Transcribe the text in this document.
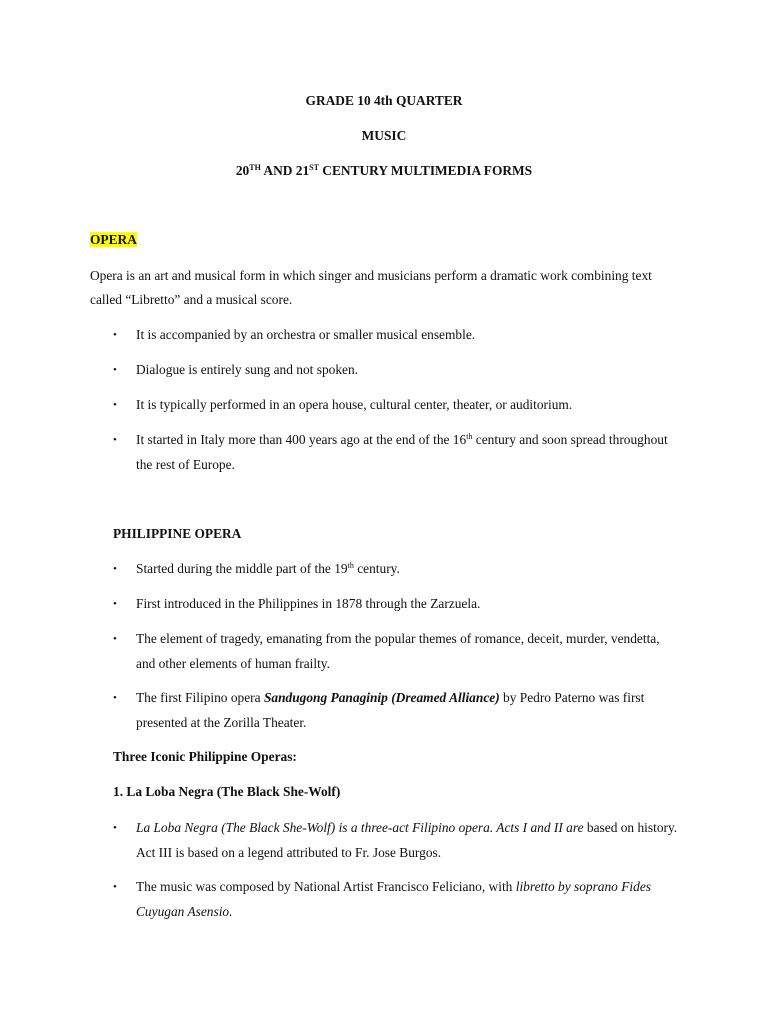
GRADE 10 4th QUARTER
MUSIC
20TH AND 21ST CENTURY MULTIMEDIA FORMS
OPERA
Opera is an art and musical form in which singer and musicians perform a dramatic work combining text called “Libretto” and a musical score.
• It is accompanied by an orchestra or smaller musical ensemble.
• Dialogue is entirely sung and not spoken.
• It is typically performed in an opera house, cultural center, theater, or auditorium.
• It started in Italy more than 400 years ago at the end of the 16th century and soon spread throughout the rest of Europe.
PHILIPPINE OPERA
• Started during the middle part of the 19th century.
• First introduced in the Philippines in 1878 through the Zarzuela.
• The element of tragedy, emanating from the popular themes of romance, deceit, murder, vendetta, and other elements of human frailty.
• The first Filipino opera Sandugong Panaginip (Dreamed Alliance) by Pedro Paterno was first presented at the Zorilla Theater.
Three Iconic Philippine Operas:
1. La Loba Negra (The Black She-Wolf)
• La Loba Negra (The Black She-Wolf) is a three-act Filipino opera. Acts I and II are based on history. Act III is based on a legend attributed to Fr. Jose Burgos.
• The music was composed by National Artist Francisco Feliciano, with libretto by soprano Fides Cuyugan Asensio.
